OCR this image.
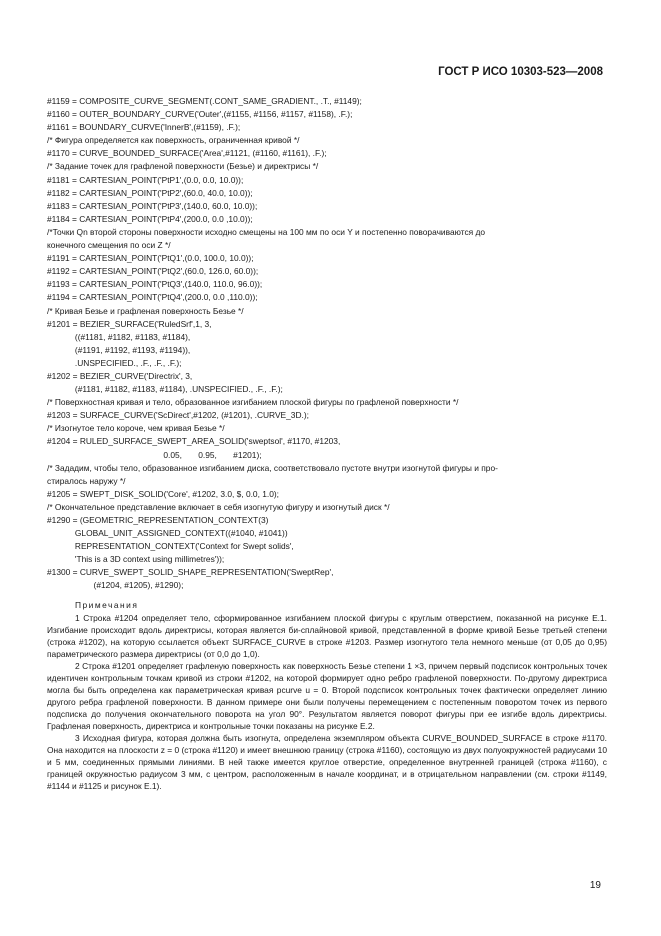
ГОСТ Р ИСО 10303-523—2008
#1159 = COMPOSITE_CURVE_SEGMENT(.CONT_SAME_GRADIENT., .T., #1149);
#1160 = OUTER_BOUNDARY_CURVE('Outer',(#1155, #1156, #1157, #1158), .F.);
#1161 = BOUNDARY_CURVE('InnerB',(#1159), .F.);
/* Фигура определяется как поверхность, ограниченная кривой */
#1170 = CURVE_BOUNDED_SURFACE('Area',#1121, (#1160, #1161), .F.);
/* Задание точек для графленой поверхности (Безье) и директрисы */
#1181 = CARTESIAN_POINT('PtP1',(0.0, 0.0, 10.0));
#1182 = CARTESIAN_POINT('PtP2',(60.0, 40.0, 10.0));
#1183 = CARTESIAN_POINT('PtP3',(140.0, 60.0, 10.0));
#1184 = CARTESIAN_POINT('PtP4',(200.0, 0.0 ,10.0));
/*Точки Qn второй стороны поверхности исходно смещены на 100 мм по оси Y и постепенно поворачиваются до
конечного смещения по оси Z */
#1191 = CARTESIAN_POINT('PtQ1',(0.0, 100.0, 10.0));
#1192 = CARTESIAN_POINT('PtQ2',(60.0, 126.0, 60.0));
#1193 = CARTESIAN_POINT('PtQ3',(140.0, 110.0, 96.0));
#1194 = CARTESIAN_POINT('PtQ4',(200.0, 0.0 ,110.0));
/* Кривая Безье и графленая поверхность Безье */
#1201 = BEZIER_SURFACE('RuledSrf',1, 3,
((#1181, #1182, #1183, #1184),
(#1191, #1192, #1193, #1194)),
.UNSPECIFIED., .F., .F., .F.);
#1202 = BEZIER_CURVE('Directrix', 3,
(#1181, #1182, #1183, #1184), .UNSPECIFIED., .F., .F.);
/* Поверхностная кривая и тело, образованное изгибанием плоской фигуры по графленой поверхности */
#1203 = SURFACE_CURVE('ScDirect',#1202, (#1201), .CURVE_3D.);
/* Изогнутое тело короче, чем кривая Безье */
#1204 = RULED_SURFACE_SWEPT_AREA_SOLID('sweptsol', #1170, #1203,
0.05,       0.95,       #1201);
/* Зададим, чтобы тело, образованное изгибанием диска, соответствовало пустоте внутри изогнутой фигуры и про-
стиралось наружу */
#1205 = SWEPT_DISK_SOLID('Core', #1202, 3.0, $, 0.0, 1.0);
/* Окончательное представление включает в себя изогнутую фигуру и изогнутый диск */
#1290 = (GEOMETRIC_REPRESENTATION_CONTEXT(3)
GLOBAL_UNIT_ASSIGNED_CONTEXT((#1040, #1041))
REPRESENTATION_CONTEXT('Context for Swept solids',
'This is a 3D context using millimetres'));
#1300 = CURVE_SWEPT_SOLID_SHAPE_REPRESENTATION('SweptRep',
(#1204, #1205), #1290);
Примечания

1 Строка #1204 определяет тело, сформированное изгибанием плоской фигуры с круглым отверстием, показанной на рисунке Е.1. Изгибание происходит вдоль директрисы, которая является би-сплайновой кривой, представленной в форме кривой Безье третьей степени (строка #1202), на которую ссылается объект SURFACE_CURVE в строке #1203. Размер изогнутого тела немного меньше (от 0,05 до 0,95) параметрического размера директрисы (от 0,0 до 1,0).

2 Строка #1201 определяет графленую поверхность как поверхность Безье степени 1 ×3, причем первый подсписок контрольных точек идентичен контрольным точкам кривой из строки #1202, на которой формирует одно ребро графленой поверхности. По-другому директриса могла бы быть определена как параметрическая кривая pcurve u = 0. Второй подсписок контрольных точек фактически определяет линию другого ребра графленой поверхности. В данном примере они были получены перемещением с постепенным поворотом точек из первого подсписка до получения окончательного поворота на угол 90°. Результатом является поворот фигуры при ее изгибе вдоль директрисы. Графленая поверхность, директриса и контрольные точки показаны на рисунке Е.2.

3 Исходная фигура, которая должна быть изогнута, определена экземпляром объекта CURVE_BOUNDED_SURFACE в строке #1170. Она находится на плоскости z = 0 (строка #1120) и имеет внешнюю границу (строка #1160), состоящую из двух полуокружностей радиусами 10 и 5 мм, соединенных прямыми линиями. В ней также имеется круглое отверстие, определенное внутренней границей (строка #1160), с границей окружностью радиусом 3 мм, с центром, расположенным в начале координат, и в отрицательном направлении (см. строки #1149, #1144 и #1125 и рисунок Е.1).

19
